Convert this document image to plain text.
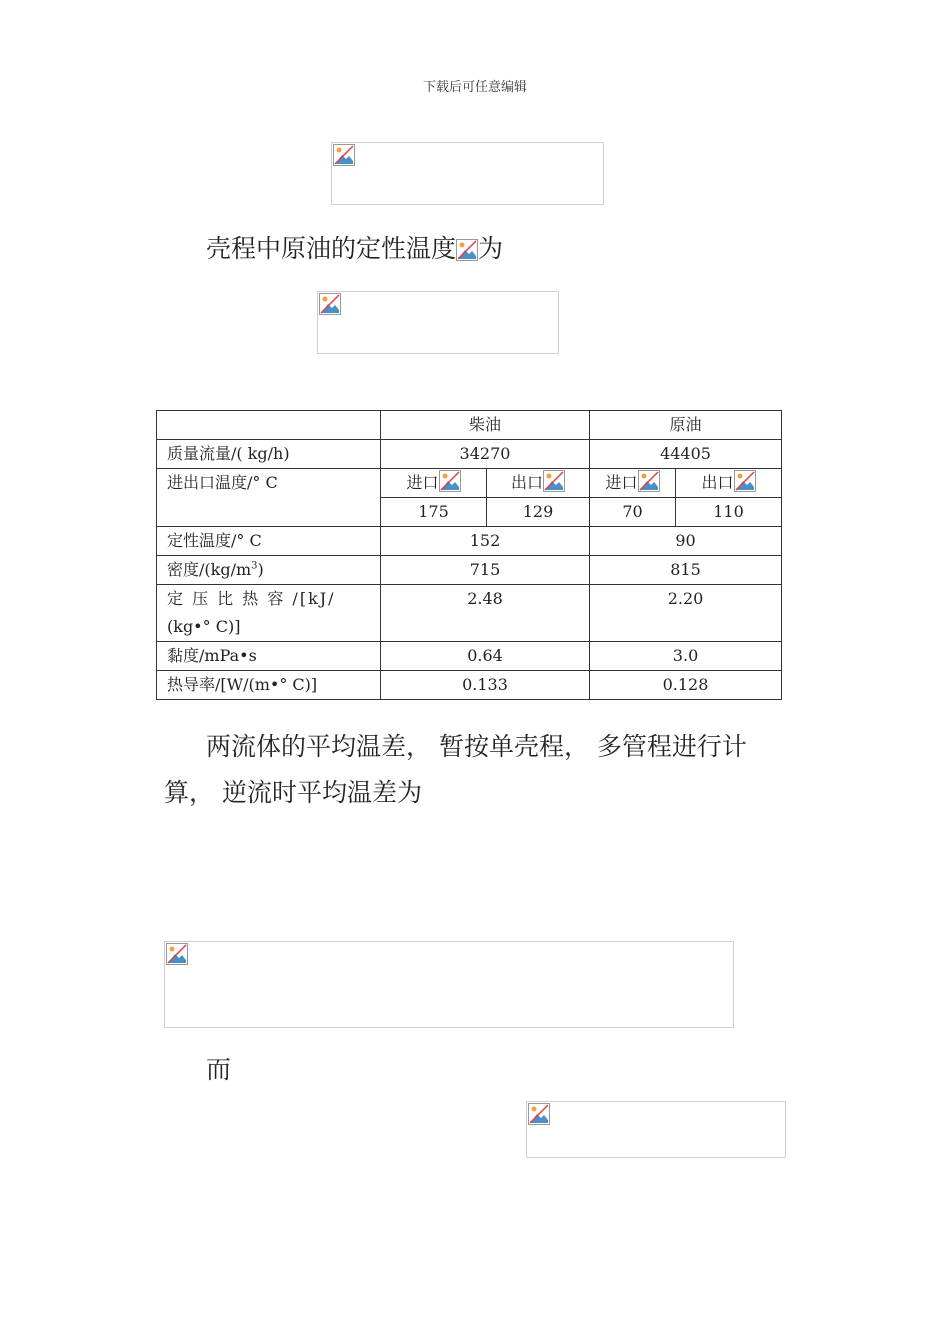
下载后可任意编辑
壳程中原油的定性温度 为
	柴油		原油	
质量流量/( kg/h)	34270		44405	
进出口温度/° C	进口	出口	进口	出口

	175	129	70	110
定性温度/° C	152		90	
密度$/(kg/m^3)$	715		815	

定 压 比 热 容 /[kJ/
(kg•° C)]	2.48		2.20	
黏度/mPa•s	0.64		3.0	
热导率/[W/(m•° C)]	0.133		0.128	
两流体的平均温差， 暂按单壳程， 多管程进行计
算， 逆流时平均温差为
而
